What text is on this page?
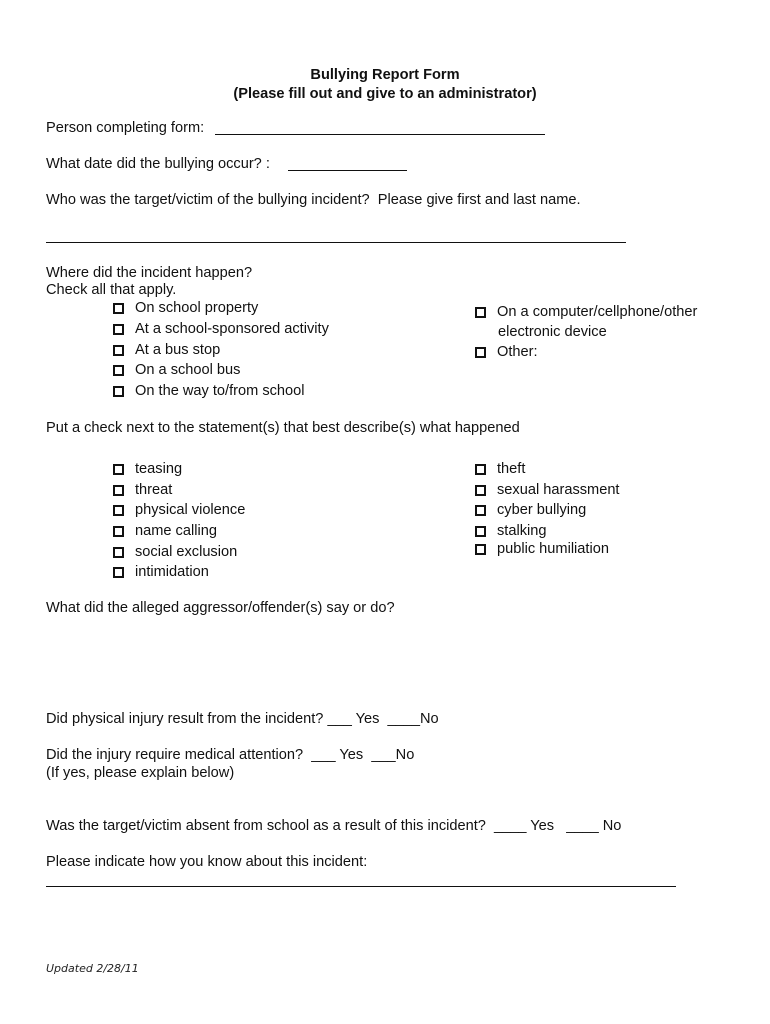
Bullying Report Form
(Please fill out and give to an administrator)
Person completing form:
What date did the bullying occur? :
Who was the target/victim of the bullying incident?  Please give first and last name.
Where did the incident happen?
Check all that apply.
On school property
At a school-sponsored activity
At a bus stop
On a school bus
On the way to/from school
On a computer/cellphone/other
electronic device
Other:
Put a check next to the statement(s) that best describe(s) what happened
teasing
threat
physical violence
name calling
social exclusion
intimidation
theft
sexual harassment
cyber bullying
stalking
public humiliation
What did the alleged aggressor/offender(s) say or do?
Did physical injury result from the incident? ___ Yes  ____No
Did the injury require medical attention?  ___ Yes  ___No
(If yes, please explain below)
Was the target/victim absent from school as a result of this incident?  ____ Yes   ____ No
Please indicate how you know about this incident:
Updated 2/28/11
